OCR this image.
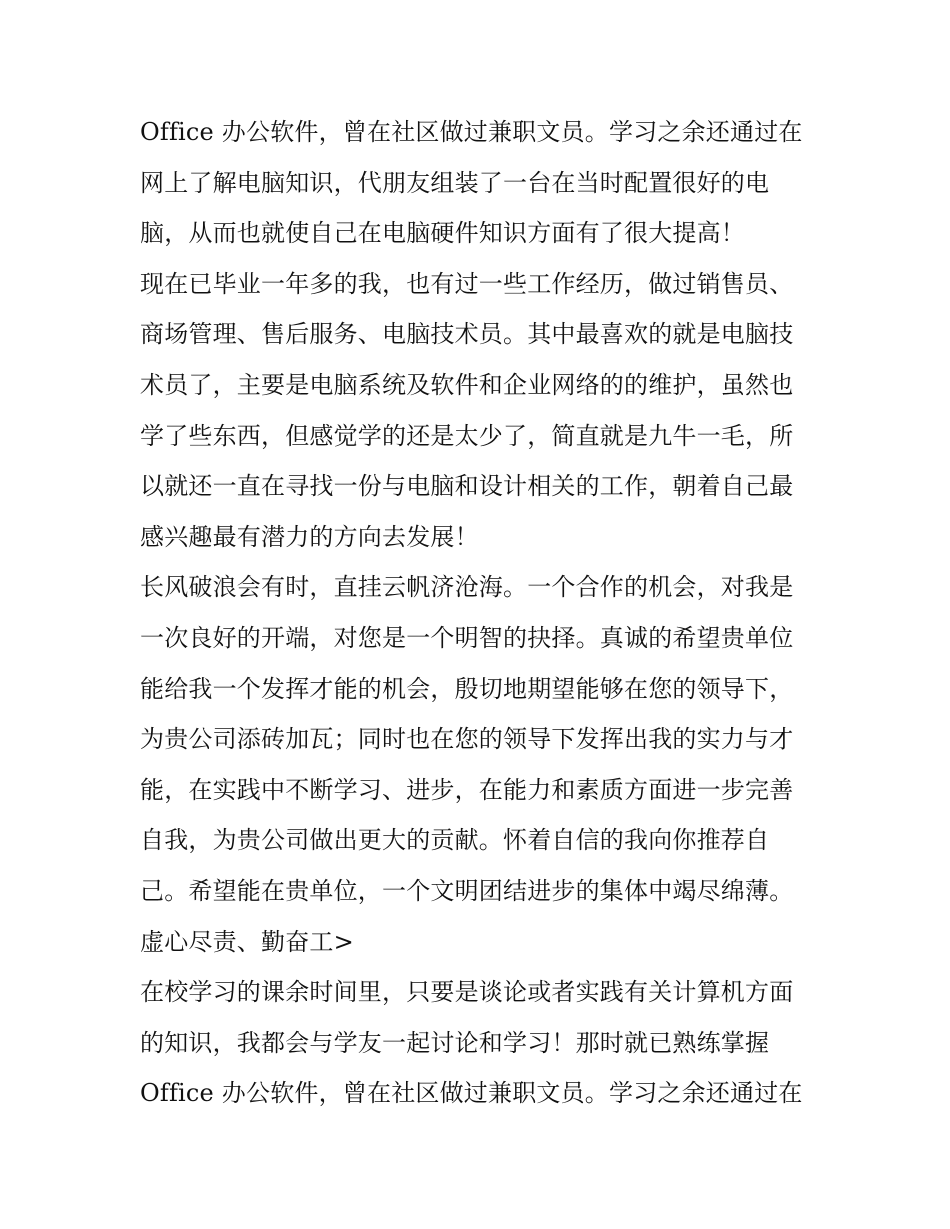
Office 办公软件，曾在社区做过兼职文员。学习之余还通过在
网上了解电脑知识，代朋友组装了一台在当时配置很好的电
脑，从而也就使自己在电脑硬件知识方面有了很大提高！
现在已毕业一年多的我，也有过一些工作经历，做过销售员、
商场管理、售后服务、电脑技术员。其中最喜欢的就是电脑技
术员了，主要是电脑系统及软件和企业网络的的维护，虽然也
学了些东西，但感觉学的还是太少了，简直就是九牛一毛，所
以就还一直在寻找一份与电脑和设计相关的工作，朝着自己最
感兴趣最有潜力的方向去发展！
长风破浪会有时，直挂云帆济沧海。一个合作的机会，对我是
一次良好的开端，对您是一个明智的抉择。真诚的希望贵单位
能给我一个发挥才能的机会，殷切地期望能够在您的领导下，
为贵公司添砖加瓦；同时也在您的领导下发挥出我的实力与才
能，在实践中不断学习、进步，在能力和素质方面进一步完善
自我，为贵公司做出更大的贡献。怀着自信的我向你推荐自
己。希望能在贵单位，一个文明团结进步的集体中竭尽绵薄。
虚心尽责、勤奋工>
在校学习的课余时间里，只要是谈论或者实践有关计算机方面
的知识，我都会与学友一起讨论和学习！那时就已熟练掌握
Office 办公软件，曾在社区做过兼职文员。学习之余还通过在
